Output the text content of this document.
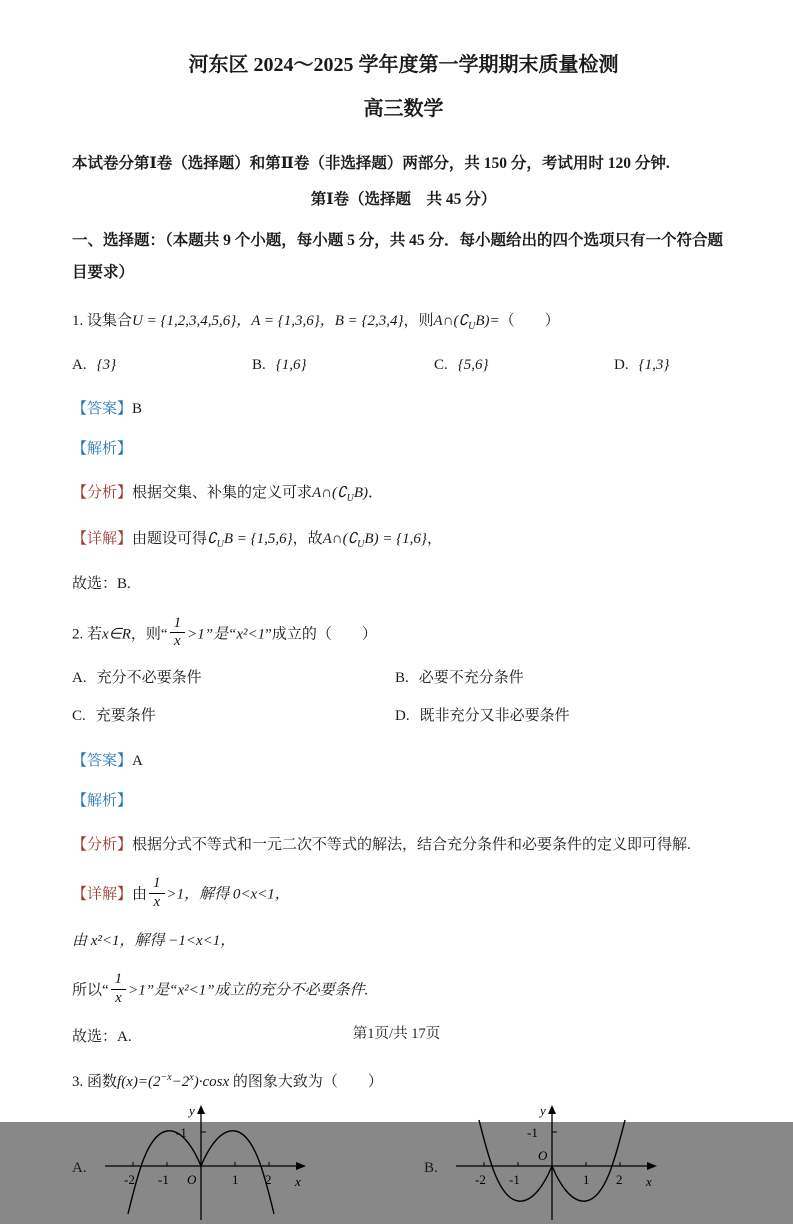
河东区 2024～2025 学年度第一学期期末质量检测
高三数学

本试卷分第Ⅰ卷（选择题）和第Ⅱ卷（非选择题）两部分，共 150 分，考试用时 120 分钟.

第Ⅰ卷（选择题　共 45 分）

一、选择题：（本题共 9 个小题，每小题 5 分，共 45 分．每小题给出的四个选项只有一个符合题目要求）

1. 设集合U = {1,2,3,4,5,6}，A = {1,3,6}，B = {2,3,4}，则$A\cap(∁_UB)=$（　　）

A. {3}	B. {1,6}	C. {5,6}	D. {1,3}

【答案】B

【解析】

【分析】根据交集、补集的定义可求$A\cap(∁_UB)$．

【详解】由题设可得$∁_UB = \{1,5,6\}$，故$A\cap(∁_UB) = \{1,6\}$，

故选：B.

2. 若x∈R，则“ $\frac{1}{x} >1$”是“x²<1”成立的（　　）

A. 充分不必要条件	B. 必要不充分条件
C. 充要条件	D. 既非充分又非必要条件

【答案】A

【解析】

【分析】根据分式不等式和一元二次不等式的解法，结合充分条件和必要条件的定义即可得解.

【详解】由 $\frac{1}{x} >1$，解得 0<x<1，

由 x²<1，解得 −1<x<1，

所以“ $\frac{1}{x} >1$”是“x²<1”成立的充分不必要条件.

故选：A.

3. 函数$f(x)=(2^{-x}-2^x)\cdot\cos x$ 的图象大致为（　　）

A.
y
-1
-2 -1 O	1 2 x
B.
y
-1
-2 -1
O
1 2 x
第1页/共 17页
